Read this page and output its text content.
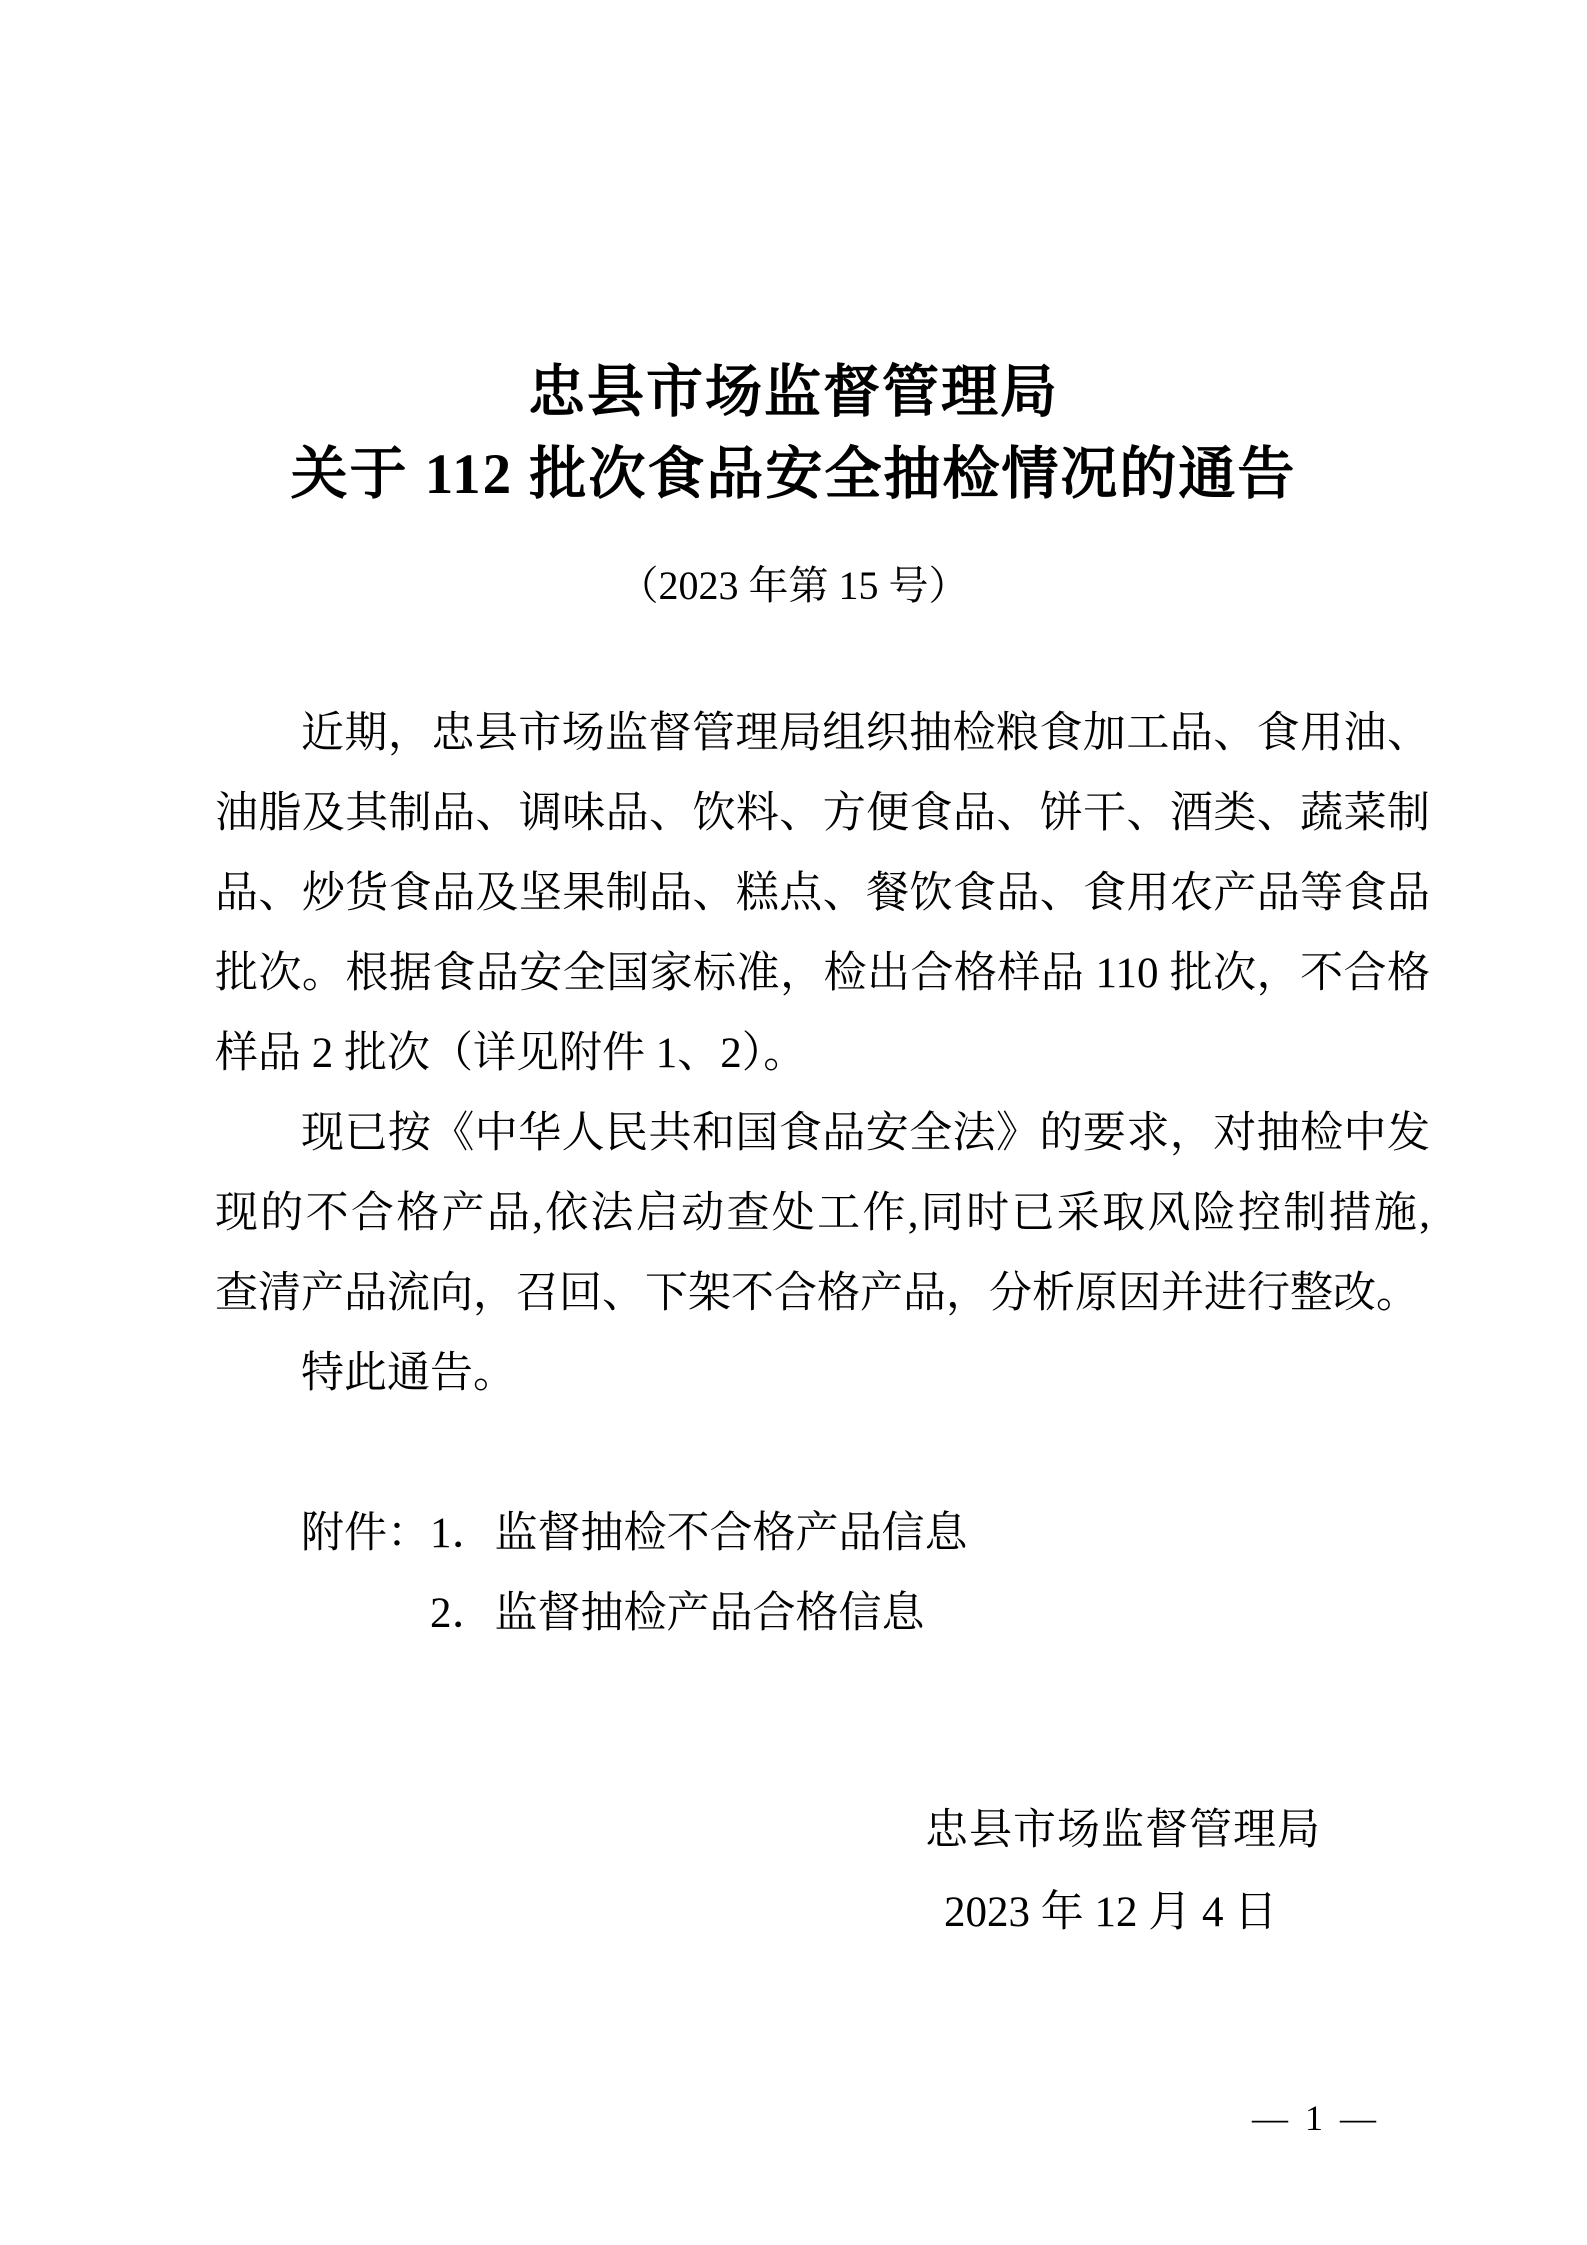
忠县市场监督管理局
关于 112 批次食品安全抽检情况的通告
（2023 年第 15 号）
近期，忠县市场监督管理局组织抽检粮食加工品、食用油、
油脂及其制品、调味品、饮料、方便食品、饼干、酒类、蔬菜制
品、炒货食品及坚果制品、糕点、餐饮食品、食用农产品等食品
批次。根据食品安全国家标准，检出合格样品 110 批次，不合格
样品 2 批次（详见附件 1、2）。
现已按《中华人民共和国食品安全法》的要求，对抽检中发
现的不合格产品,依法启动查处工作,同时已采取风险控制措施,
查清产品流向，召回、下架不合格产品，分析原因并进行整改。
特此通告。
附件：1．监督抽检不合格产品信息
2．监督抽检产品合格信息
忠县市场监督管理局
2023 年 12 月 4 日
— 1 —
